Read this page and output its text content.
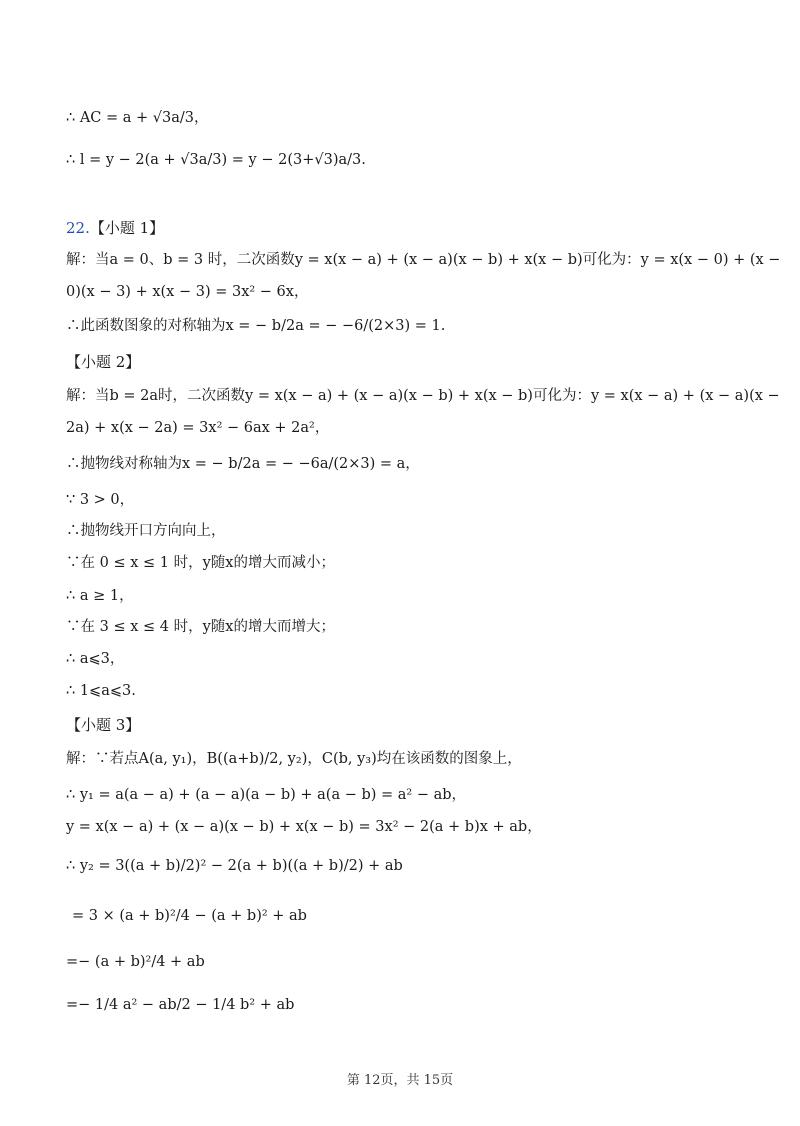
∴ AC = a + √3a/3，
∴ l = y − 2(a + √3a/3) = y − 2(3+√3)a/3.
22.【小题 1】
解：当a = 0、b = 3 时，二次函数y = x(x − a) + (x − a)(x − b) + x(x − b)可化为：y = x(x − 0) + (x −
0)(x − 3) + x(x − 3) = 3x² − 6x，
∴此函数图象的对称轴为x = − b/2a = − −6/(2×3) = 1.
【小题 2】
解：当b = 2a时，二次函数y = x(x − a) + (x − a)(x − b) + x(x − b)可化为：y = x(x − a) + (x − a)(x −
2a) + x(x − 2a) = 3x² − 6ax + 2a²，
∴抛物线对称轴为x = − b/2a = − −6a/(2×3) = a，
∵ 3 > 0，
∴抛物线开口方向向上，
∵在 0 ≤ x ≤ 1 时，y随x的增大而减小；
∴ a ≥ 1，
∵在 3 ≤ x ≤ 4 时，y随x的增大而增大；
∴ a⩽3，
∴ 1⩽a⩽3.
【小题 3】
解：∵若点A(a, y₁)，B((a+b)/2, y₂)，C(b, y₃)均在该函数的图象上，
∴ y₁ = a(a − a) + (a − a)(a − b) + a(a − b) = a² − ab，
y = x(x − a) + (x − a)(x − b) + x(x − b) = 3x² − 2(a + b)x + ab，
∴ y₂ = 3((a + b)/2)² − 2(a + b)((a + b)/2) + ab
= 3 × (a + b)²/4 − (a + b)² + ab
=− (a + b)²/4 + ab
=− 1/4 a² − ab/2 − 1/4 b² + ab
第 12页，共 15页
